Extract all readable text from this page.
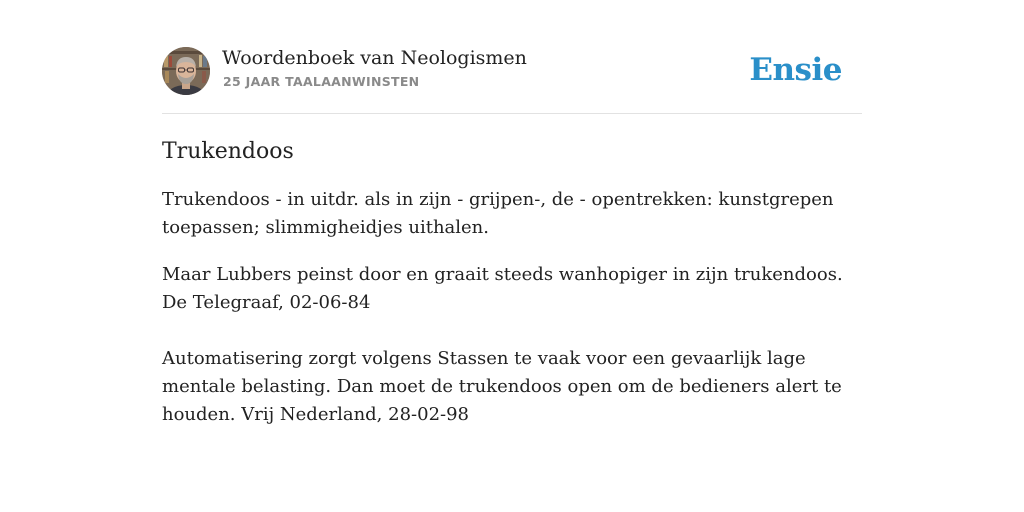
Woordenboek van Neologismen
25 JAAR TAALAANWINSTEN	Ensie
Trukendoos

Trukendoos - in uitdr. als in zijn - grijpen-, de - opentrekken: kunstgrepen toepassen; slimmigheidjes uithalen.

Maar Lubbers peinst door en graait steeds wanhopiger in zijn trukendoos. De Telegraaf, 02-06-84

Automatisering zorgt volgens Stassen te vaak voor een gevaarlijk lage mentale belasting. Dan moet de trukendoos open om de bedieners alert te houden. Vrij Nederland, 28-02-98
